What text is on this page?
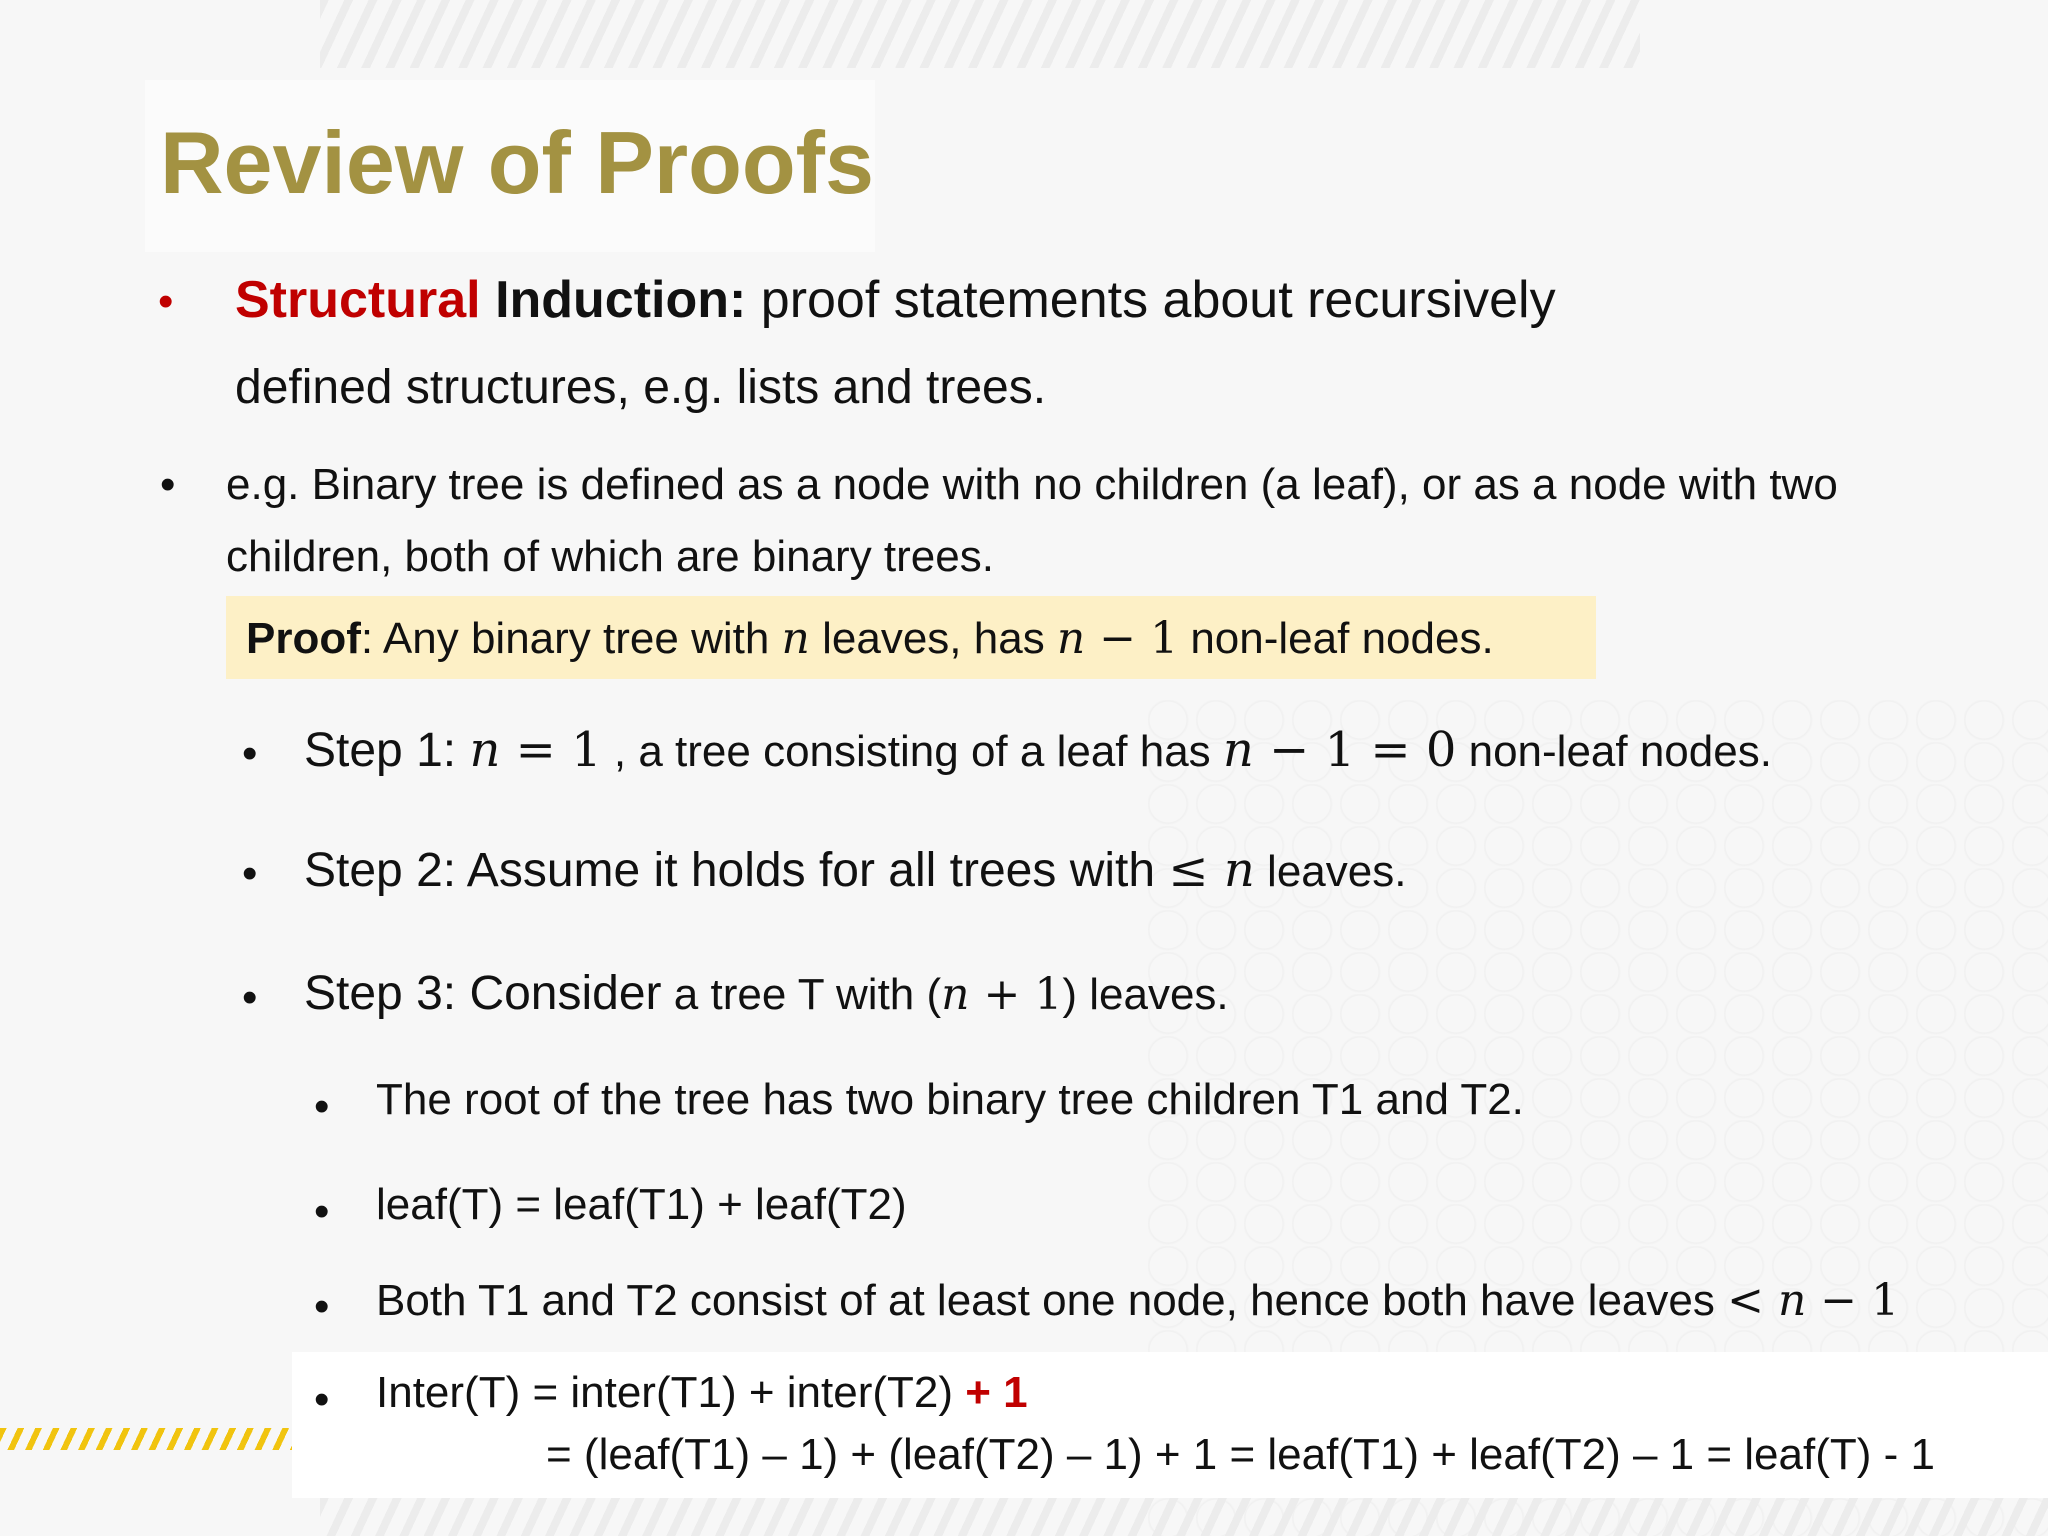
Review of Proofs
• Structural Induction: proof statements about recursively
defined structures, e.g. lists and trees.
• e.g. Binary tree is defined as a node with no children (a leaf), or as a node with two
children, both of which are binary trees.
Proof: Any binary tree with n leaves, has n − 1 non-leaf nodes.
• Step 1: n = 1 , a tree consisting of a leaf has n − 1 = 0 non-leaf nodes.
• Step 2: Assume it holds for all trees with ≤ n leaves.
• Step 3: Consider a tree T with (n + 1) leaves.
• The root of the tree has two binary tree children T1 and T2.
• leaf(T) = leaf(T1) + leaf(T2)
• Both T1 and T2 consist of at least one node, hence both have leaves < n − 1
• Inter(T) = inter(T1) + inter(T2) + 1
= (leaf(T1) – 1) + (leaf(T2) – 1) + 1 = leaf(T1) + leaf(T2) – 1 = leaf(T) - 1
